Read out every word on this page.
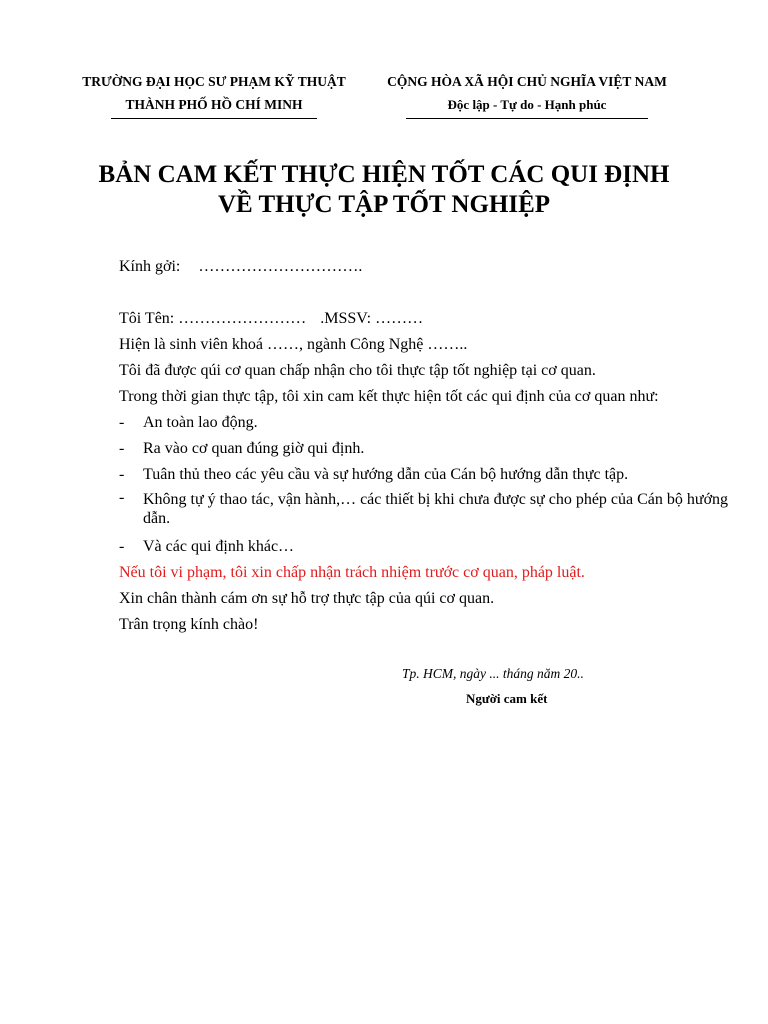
TRƯỜNG ĐẠI HỌC SƯ PHẠM KỸ THUẬT
THÀNH PHỐ HỒ CHÍ MINH
CỘNG HÒA XÃ HỘI CHỦ NGHĨA VIỆT NAM
Độc lập - Tự do - Hạnh phúc
BẢN CAM KẾT THỰC HIỆN TỐT CÁC QUI ĐỊNH
VỀ THỰC TẬP TỐT NGHIỆP
Kính gởi: ………………………….
Tôi Tên: …………………… .MSSV: ………
Hiện là sinh viên khoá ……, ngành Công Nghệ ……..
Tôi đã được qúi cơ quan chấp nhận cho tôi thực tập tốt nghiệp tại cơ quan.
Trong thời gian thực tập, tôi xin cam kết thực hiện tốt các qui định của cơ quan như:
- An toàn lao động.
- Ra vào cơ quan đúng giờ qui định.
- Tuân thủ theo các yêu cầu và sự hướng dẫn của Cán bộ hướng dẫn thực tập.
- Không tự ý thao tác, vận hành,… các thiết bị khi chưa được sự cho phép của Cán bộ hướng dẫn.
- Và các qui định khác…
Nếu tôi vi phạm, tôi xin chấp nhận trách nhiệm trước cơ quan, pháp luật.
Xin chân thành cám ơn sự hỗ trợ thực tập của qúi cơ quan.
Trân trọng kính chào!
Tp. HCM, ngày ... tháng năm 20..
Người cam kết
